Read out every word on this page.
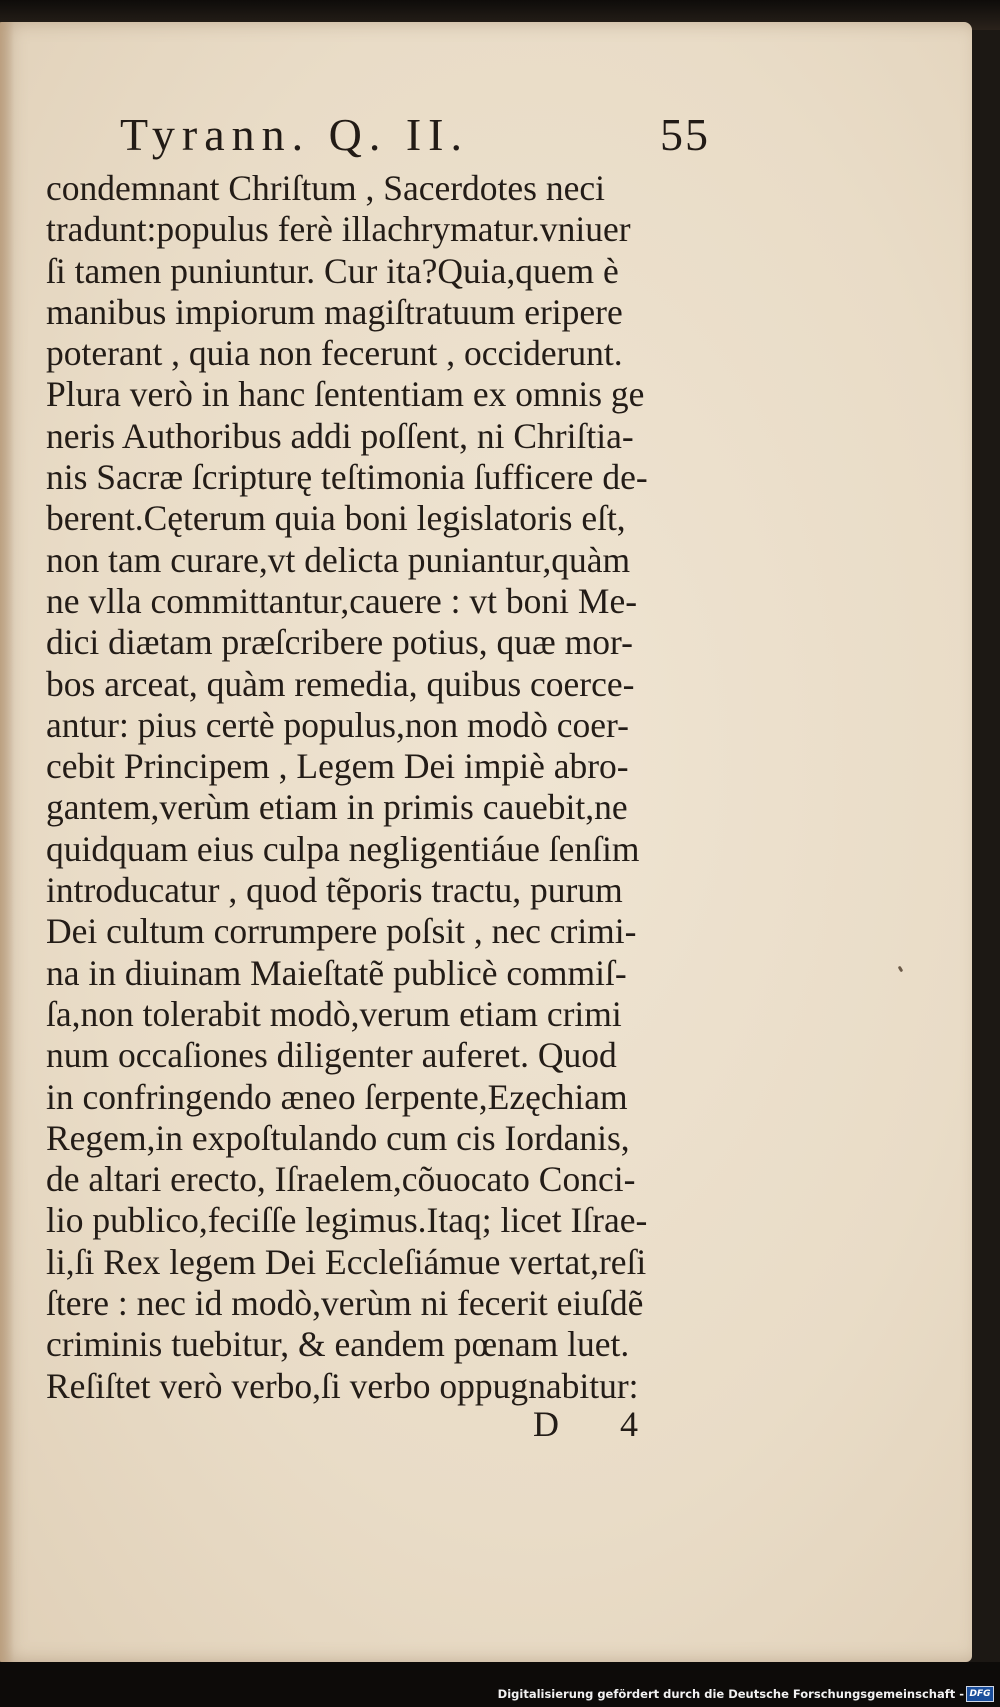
Tyrann. Q. II.	55
condemnant Chriſtum , Sacerdotes neci
tradunt:populus ferè illachrymatur.vniuer
ſi tamen puniuntur. Cur ita?Quia,quem è
manibus impiorum magiſtratuum eripere
poterant , quia non fecerunt , occiderunt.
Plura verò in hanc ſententiam ex omnis ge
neris Authoribus addi poſſent, ni Chriſtia-
nis Sacræ ſcripturę teſtimonia ſufficere de-
berent.Cęterum quia boni legislatoris eſt,
non tam curare,vt delicta puniantur,quàm
ne vlla committantur,cauere : vt boni Me-
dici diætam præſcribere potius, quæ mor-
bos arceat, quàm remedia, quibus coerce-
antur: pius certè populus,non modò coer-
cebit Principem , Legem Dei impiè abro-
gantem,verùm etiam in primis cauebit,ne
quidquam eius culpa negligentiáue ſenſim
introducatur , quod tẽporis tractu, purum
Dei cultum corrumpere poſsit , nec crimi-
na in diuinam Maieſtatẽ publicè commiſ-
ſa,non tolerabit modò,verum etiam crimi
num occaſiones diligenter auferet. Quod
in confringendo æneo ſerpente,Ezęchiam
Regem,in expoſtulando cum cis Iordanis,
de altari erecto, Iſraelem,cõuocato Conci-
lio publico,feciſſe legimus.Itaq; licet Iſrae-
li,ſi Rex legem Dei Eccleſiámue vertat,reſi
ſtere : nec id modò,verùm ni fecerit eiuſdẽ
criminis tuebitur, & eandem pœnam luet.
Reſiſtet verò verbo,ſi verbo oppugnabitur:
D 4
Digitalisierung gefördert durch die Deutsche Forschungsgemeinschaft - DFG
